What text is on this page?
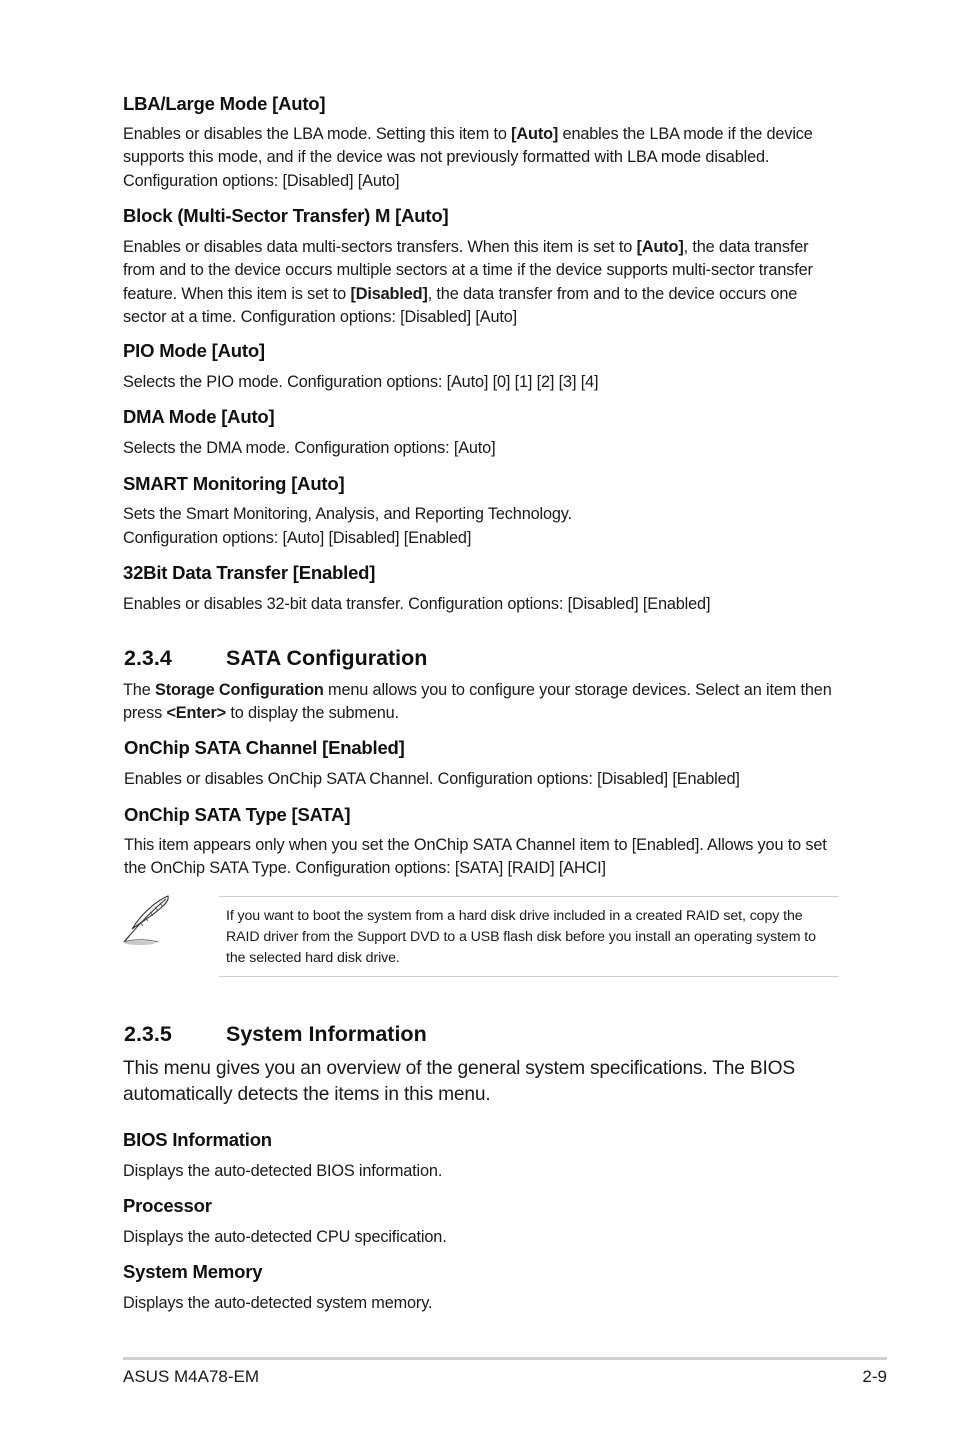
LBA/Large Mode [Auto]

Enables or disables the LBA mode. Setting this item to [Auto] enables the LBA mode if the device supports this mode, and if the device was not previously formatted with LBA mode disabled. Configuration options: [Disabled] [Auto]

Block (Multi-Sector Transfer) M [Auto]

Enables or disables data multi-sectors transfers. When this item is set to [Auto], the data transfer from and to the device occurs multiple sectors at a time if the device supports multi-sector transfer feature. When this item is set to [Disabled], the data transfer from and to the device occurs one sector at a time. Configuration options: [Disabled] [Auto]

PIO Mode [Auto]

Selects the PIO mode. Configuration options: [Auto] [0] [1] [2] [3] [4]

DMA Mode [Auto]

Selects the DMA mode. Configuration options: [Auto]

SMART Monitoring [Auto]

Sets the Smart Monitoring, Analysis, and Reporting Technology.

Configuration options: [Auto] [Disabled] [Enabled]

32Bit Data Transfer [Enabled]

Enables or disables 32-bit data transfer. Configuration options: [Disabled] [Enabled]

2.3.4	SATA Configuration

The Storage Configuration menu allows you to configure your storage devices. Select an item then press <Enter> to display the submenu.

OnChip SATA Channel [Enabled]

Enables or disables OnChip SATA Channel. Configuration options: [Disabled] [Enabled]

OnChip SATA Type [SATA]

This item appears only when you set the OnChip SATA Channel item to [Enabled]. Allows you to set the OnChip SATA Type. Configuration options: [SATA] [RAID] [AHCI]

If you want to boot the system from a hard disk drive included in a created RAID set, copy the RAID driver from the Support DVD to a USB flash disk before you install an operating system to the selected hard disk drive.

2.3.5	System Information

This menu gives you an overview of the general system specifications. The BIOS automatically detects the items in this menu.

BIOS Information

Displays the auto-detected BIOS information.

Processor

Displays the auto-detected CPU specification.

System Memory

Displays the auto-detected system memory.

ASUS M4A78-EM	2-9
